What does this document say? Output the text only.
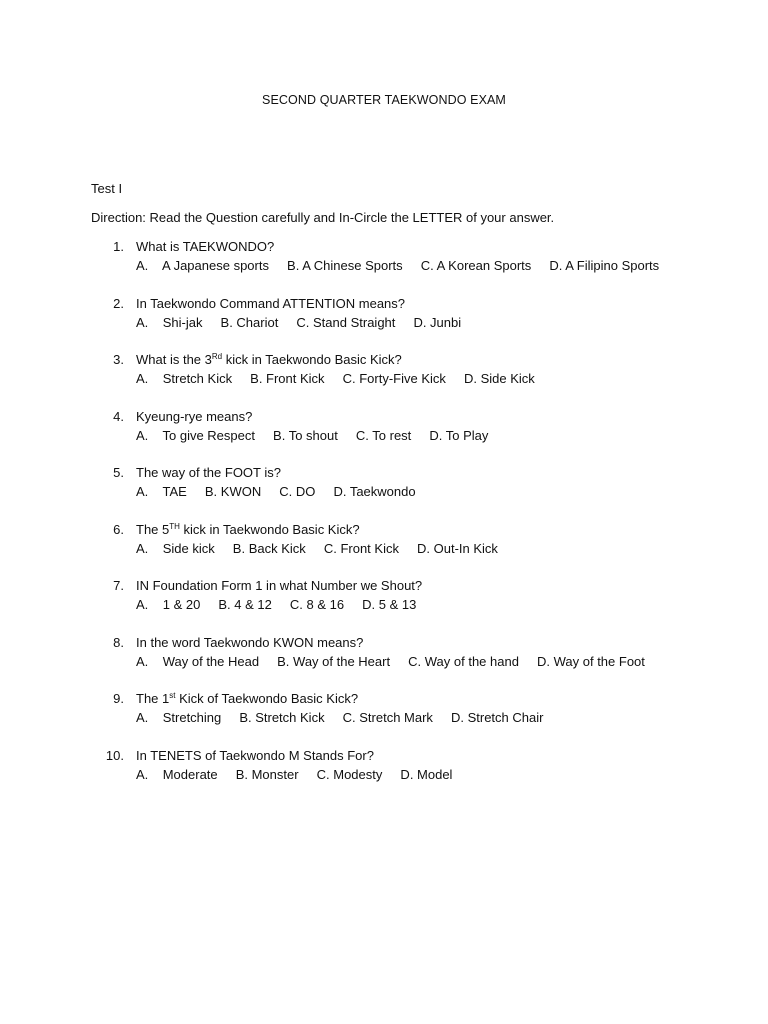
SECOND QUARTER TAEKWONDO EXAM
Test I
Direction: Read the Question carefully and In-Circle the LETTER of your answer.
1. What is TAEKWONDO?
A.    A Japanese sports     B. A Chinese Sports     C. A Korean Sports     D. A Filipino Sports
2. In Taekwondo Command ATTENTION means?
A.    Shi-jak     B. Chariot     C. Stand Straight     D. Junbi
3. What is the 3Rd kick in Taekwondo Basic Kick?
A.    Stretch Kick     B. Front Kick     C. Forty-Five Kick     D. Side Kick
4. Kyeung-rye means?
A.    To give Respect     B. To shout     C. To rest     D. To Play
5. The way of the FOOT is?
A.    TAE     B. KWON     C. DO     D. Taekwondo
6. The 5TH kick in Taekwondo Basic Kick?
A.    Side kick     B. Back Kick     C. Front Kick     D. Out-In Kick
7. IN Foundation Form 1 in what Number we Shout?
A.    1 & 20     B. 4 & 12     C. 8 & 16     D. 5 & 13
8. In the word Taekwondo KWON means?
A.    Way of the Head     B. Way of the Heart     C. Way of the hand     D. Way of the Foot
9. The 1st Kick of Taekwondo Basic Kick?
A.    Stretching     B. Stretch Kick     C. Stretch Mark     D. Stretch Chair
10. In TENETS of Taekwondo M Stands For?
A.    Moderate     B. Monster     C. Modesty     D. Model
